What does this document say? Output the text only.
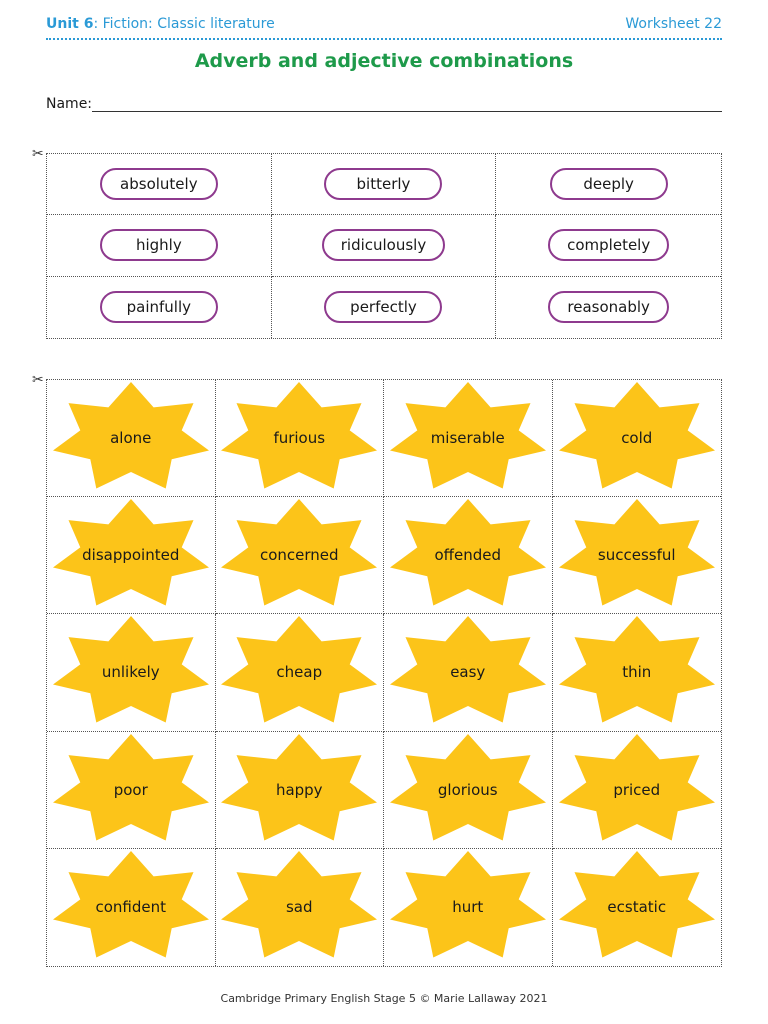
Unit 6: Fiction: Classic literature	Worksheet 22
Adverb and adjective combinations
Name:
✂
absolutely	bitterly	deeply
highly	ridiculously	completely
painfully	perfectly	reasonably
✂
alone	furious	miserable	cold
disappointed	concerned	offended	successful
unlikely	cheap	easy	thin
poor	happy	glorious	priced
confident	sad	hurt	ecstatic
Cambridge Primary English Stage 5 © Marie Lallaway 2021
